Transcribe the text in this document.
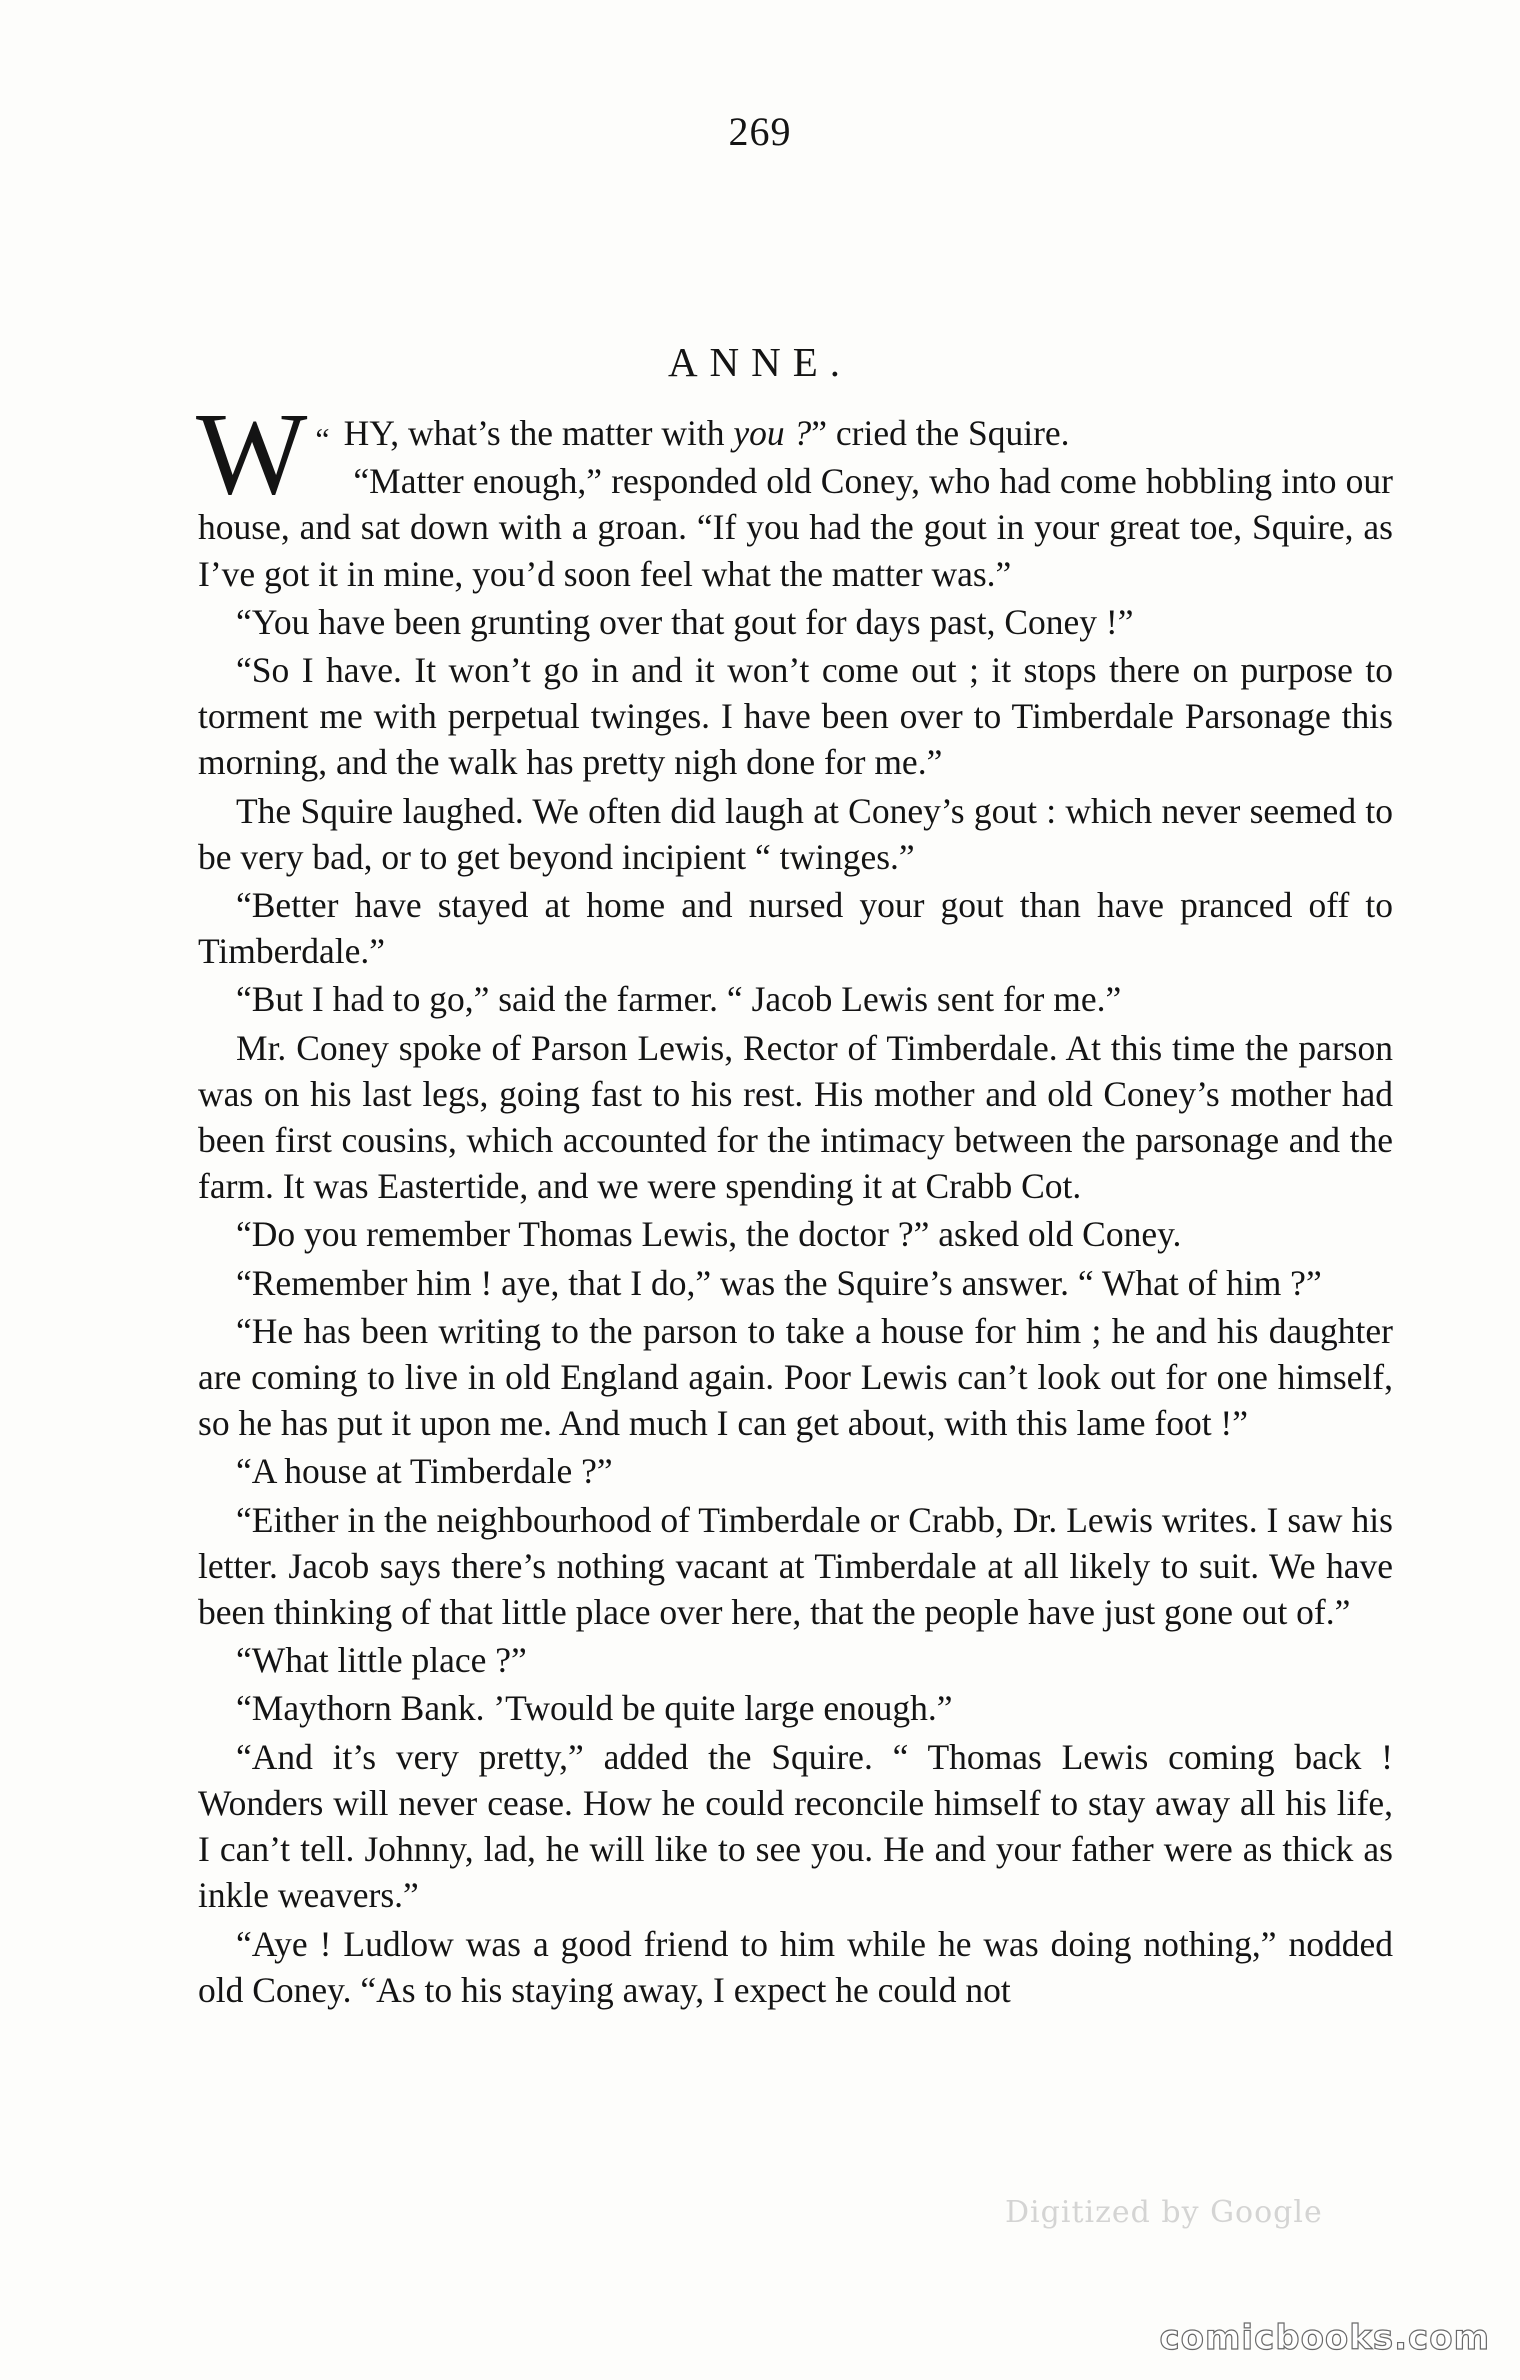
269
ANNE.

“
W HY, what’s the matter with you ?” cried the Squire.

“Matter enough,” responded old Coney, who had come hobbling into our house, and sat down with a groan. “If you had the gout in your great toe, Squire, as I’ve got it in mine, you’d soon feel what the matter was.”

“You have been grunting over that gout for days past, Coney !”

“So I have. It won’t go in and it won’t come out ; it stops there on purpose to torment me with perpetual twinges. I have been over to Timberdale Parsonage this morning, and the walk has pretty nigh done for me.”

The Squire laughed. We often did laugh at Coney’s gout : which never seemed to be very bad, or to get beyond incipient “ twinges.”

“Better have stayed at home and nursed your gout than have pranced off to Timberdale.”

“But I had to go,” said the farmer. “ Jacob Lewis sent for me.”

Mr. Coney spoke of Parson Lewis, Rector of Timberdale. At this time the parson was on his last legs, going fast to his rest. His mother and old Coney’s mother had been first cousins, which accounted for the intimacy between the parsonage and the farm. It was Eastertide, and we were spending it at Crabb Cot.

“Do you remember Thomas Lewis, the doctor ?” asked old Coney.

“Remember him ! aye, that I do,” was the Squire’s answer. “ What of him ?”

“He has been writing to the parson to take a house for him ; he and his daughter are coming to live in old England again. Poor Lewis can’t look out for one himself, so he has put it upon me. And much I can get about, with this lame foot !”

“A house at Timberdale ?”

“Either in the neighbourhood of Timberdale or Crabb, Dr. Lewis writes. I saw his letter. Jacob says there’s nothing vacant at Timberdale at all likely to suit. We have been thinking of that little place over here, that the people have just gone out of.”

“What little place ?”

“Maythorn Bank. ’Twould be quite large enough.”

“And it’s very pretty,” added the Squire. “ Thomas Lewis coming back ! Wonders will never cease. How he could reconcile himself to stay away all his life, I can’t tell. Johnny, lad, he will like to see you. He and your father were as thick as inkle weavers.”

“Aye ! Ludlow was a good friend to him while he was doing nothing,” nodded old Coney. “As to his staying away, I expect he could not

Digitized by Google
comicbooks.com
